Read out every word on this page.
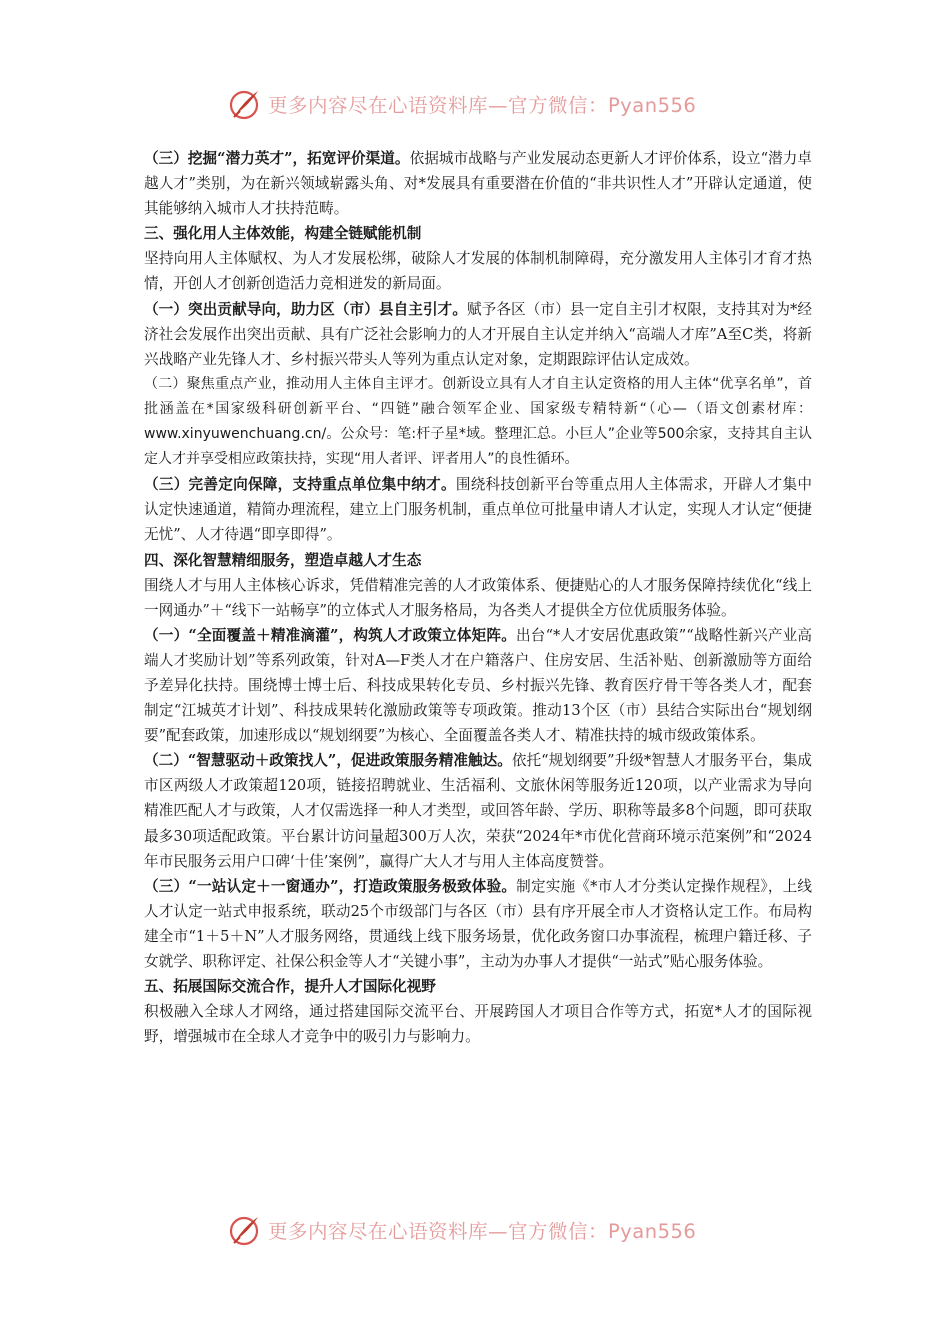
更多内容尽在心语资料库—官方微信：Pyan556

（三）挖掘“潜力英才”，拓宽评价渠道。依据城市战略与产业发展动态更新人才评价体系，设立“潜力卓越人才”类别，为在新兴领域崭露头角、对*发展具有重要潜在价值的“非共识性人才”开辟认定通道，使其能够纳入城市人才扶持范畴。

三、强化用人主体效能，构建全链赋能机制

坚持向用人主体赋权、为人才发展松绑，破除人才发展的体制机制障碍，充分激发用人主体引才育才热情，开创人才创新创造活力竞相迸发的新局面。

（一）突出贡献导向，助力区（市）县自主引才。赋予各区（市）县一定自主引才权限，支持其对为*经济社会发展作出突出贡献、具有广泛社会影响力的人才开展自主认定并纳入“高端人才库”A至C类，将新兴战略产业先锋人才、乡村振兴带头人等列为重点认定对象，定期跟踪评估认定成效。

（二）聚焦重点产业，推动用人主体自主评才。创新设立具有人才自主认定资格的用人主体“优享名单”，首批涵盖在*国家级科研创新平台、“四链”融合领军企业、国家级专精特新“（心—（语文创素材库：www.xinyuwenchuang.cn/。公众号：笔:杆子星*域。整理汇总。小巨人”企业等500余家，支持其自主认定人才并享受相应政策扶持，实现“用人者评、评者用人”的良性循环。

（三）完善定向保障，支持重点单位集中纳才。围绕科技创新平台等重点用人主体需求，开辟人才集中认定快速通道，精简办理流程，建立上门服务机制，重点单位可批量申请人才认定，实现人才认定“便捷无忧”、人才待遇“即享即得”。

四、深化智慧精细服务，塑造卓越人才生态

围绕人才与用人主体核心诉求，凭借精准完善的人才政策体系、便捷贴心的人才服务保障持续优化“线上一网通办”＋“线下一站畅享”的立体式人才服务格局，为各类人才提供全方位优质服务体验。

（一）“全面覆盖＋精准滴灌”，构筑人才政策立体矩阵。出台“*人才安居优惠政策”“战略性新兴产业高端人才奖励计划”等系列政策，针对A—F类人才在户籍落户、住房安居、生活补贴、创新激励等方面给予差异化扶持。围绕博士博士后、科技成果转化专员、乡村振兴先锋、教育医疗骨干等各类人才，配套制定“江城英才计划”、科技成果转化激励政策等专项政策。推动13个区（市）县结合实际出台“规划纲要”配套政策，加速形成以“规划纲要”为核心、全面覆盖各类人才、精准扶持的城市级政策体系。

（二）“智慧驱动＋政策找人”，促进政策服务精准触达。依托“规划纲要”升级*智慧人才服务平台，集成市区两级人才政策超120项，链接招聘就业、生活福利、文旅休闲等服务近120项，以产业需求为导向精准匹配人才与政策，人才仅需选择一种人才类型，或回答年龄、学历、职称等最多8个问题，即可获取最多30项适配政策。平台累计访问量超300万人次，荣获“2024年*市优化营商环境示范案例”和“2024年市民服务云用户口碑‘十佳’案例”，赢得广大人才与用人主体高度赞誉。

（三）“一站认定＋一窗通办”，打造政策服务极致体验。制定实施《*市人才分类认定操作规程》，上线人才认定一站式申报系统，联动25个市级部门与各区（市）县有序开展全市人才资格认定工作。布局构建全市“1＋5＋N”人才服务网络，贯通线上线下服务场景，优化政务窗口办事流程，梳理户籍迁移、子女就学、职称评定、社保公积金等人才“关键小事”，主动为办事人才提供“一站式”贴心服务体验。

五、拓展国际交流合作，提升人才国际化视野

积极融入全球人才网络，通过搭建国际交流平台、开展跨国人才项目合作等方式，拓宽*人才的国际视野，增强城市在全球人才竞争中的吸引力与影响力。

更多内容尽在心语资料库—官方微信：Pyan556
